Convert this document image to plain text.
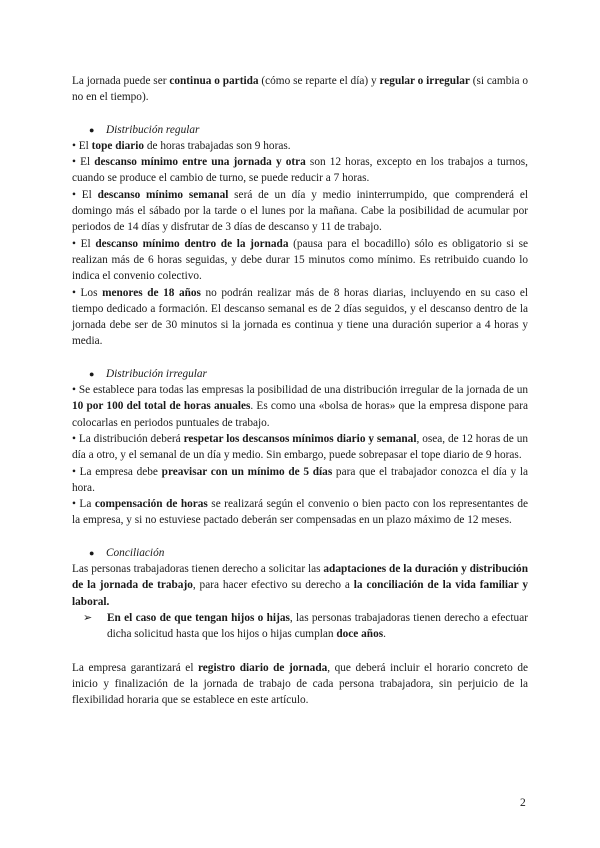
La jornada puede ser continua o partida (cómo se reparte el día) y regular o irregular (si cambia o no en el tiempo).

●	Distribución regular

• El tope diario de horas trabajadas son 9 horas.

• El descanso mínimo entre una jornada y otra son 12 horas, excepto en los trabajos a turnos, cuando se produce el cambio de turno, se puede reducir a 7 horas.

• El descanso mínimo semanal será de un día y medio ininterrumpido, que comprenderá el domingo más el sábado por la tarde o el lunes por la mañana. Cabe la posibilidad de acumular por periodos de 14 días y disfrutar de 3 días de descanso y 11 de trabajo.

• El descanso mínimo dentro de la jornada (pausa para el bocadillo) sólo es obligatorio si se realizan más de 6 horas seguidas, y debe durar 15 minutos como mínimo. Es retribuido cuando lo indica el convenio colectivo.

• Los menores de 18 años no podrán realizar más de 8 horas diarias, incluyendo en su caso el tiempo dedicado a formación. El descanso semanal es de 2 días seguidos, y el descanso dentro de la jornada debe ser de 30 minutos si la jornada es continua y tiene una duración superior a 4 horas y media.

●	Distribución irregular

• Se establece para todas las empresas la posibilidad de una distribución irregular de la jornada de un 10 por 100 del total de horas anuales. Es como una «bolsa de horas» que la empresa dispone para colocarlas en periodos puntuales de trabajo.

• La distribución deberá respetar los descansos mínimos diario y semanal, osea, de 12 horas de un día a otro, y el semanal de un día y medio. Sin embargo, puede sobrepasar el tope diario de 9 horas.

• La empresa debe preavisar con un mínimo de 5 días para que el trabajador conozca el día y la hora.

• La compensación de horas se realizará según el convenio o bien pacto con los representantes de la empresa, y si no estuviese pactado deberán ser compensadas en un plazo máximo de 12 meses.

●	Conciliación

Las personas trabajadoras tienen derecho a solicitar las adaptaciones de la duración y distribución de la jornada de trabajo, para hacer efectivo su derecho a la conciliación de la vida familiar y laboral.

➢	En el caso de que tengan hijos o hijas, las personas trabajadoras tienen derecho a efectuar dicha solicitud hasta que los hijos o hijas cumplan doce años.

La empresa garantizará el registro diario de jornada, que deberá incluir el horario concreto de inicio y finalización de la jornada de trabajo de cada persona trabajadora, sin perjuicio de la flexibilidad horaria que se establece en este artículo.

2
